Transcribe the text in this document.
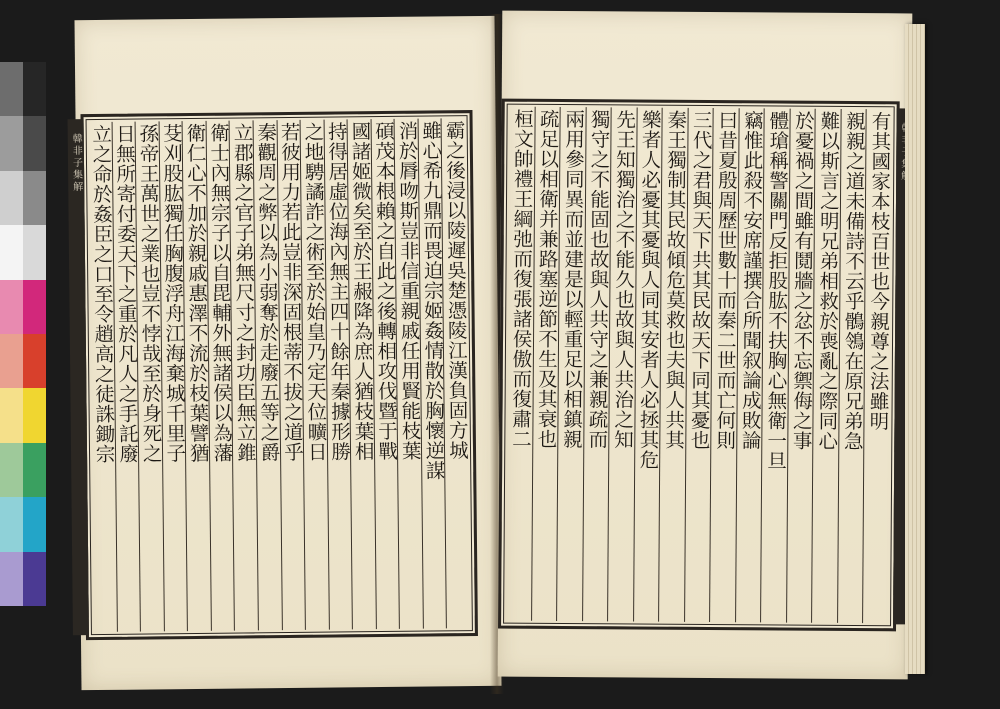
韓非子集解	霸之後浸以陵遲吳楚憑陵江漢負固方城
雖心希九鼎而畏迫宗姬姦情散於胸懷逆謀
消於脣吻斯豈非信重親戚任用賢能枝葉
碩茂本根賴之自此之後轉相攻伐暨于戰
國諸姬微矣至於王赧降為庶人猶枝葉相
持得居虛位海內無主四十餘年秦據形勝
之地騁譎詐之術至於始皇乃定天位曠日
若彼用力若此豈非深固根蒂不拔之道乎
秦觀周之弊以為小弱奪於走廢五等之爵
立郡縣之官子弟無尺寸之封功臣無立錐
衛士內無宗子以自毘輔外無諸侯以為藩
衛仁心不加於親戚惠澤不流於枝葉譬猶
芟刈股肱獨任胸腹浮舟江海棄城千里子
孫帝王萬世之業也豈不悖哉至於身死之
日無所寄付委天下之重於凡人之手託廢
立之命於姦臣之口至令趙高之徒誅鋤宗	有其國家本枝百世也今親尊之法雖明
親親之道未備詩不云乎鶻鴒在原兄弟急
難以斯言之明兄弟相救於喪亂之際同心
於憂禍之間雖有鬩牆之忿不忘禦侮之事
體瑲稱警關門反拒股肱不扶胸心無衛一旦
竊惟此殺不安席謹撰合所聞叙論成敗論
曰昔夏殷周歷世數十而秦二世而亡何則
三代之君與天下共其民故天下同其憂也
秦王獨制其民故傾危莫救也夫與人共其
樂者人必憂其憂與人同其安者人必拯其危
先王知獨治之不能久也故與人共治之知
獨守之不能固也故與人共守之兼親疏而
兩用參同異而並建是以輕重足以相鎮親
疏足以相衛并兼路塞逆節不生及其衰也
桓文帥禮王綱弛而復張諸侯傲而復肅二
